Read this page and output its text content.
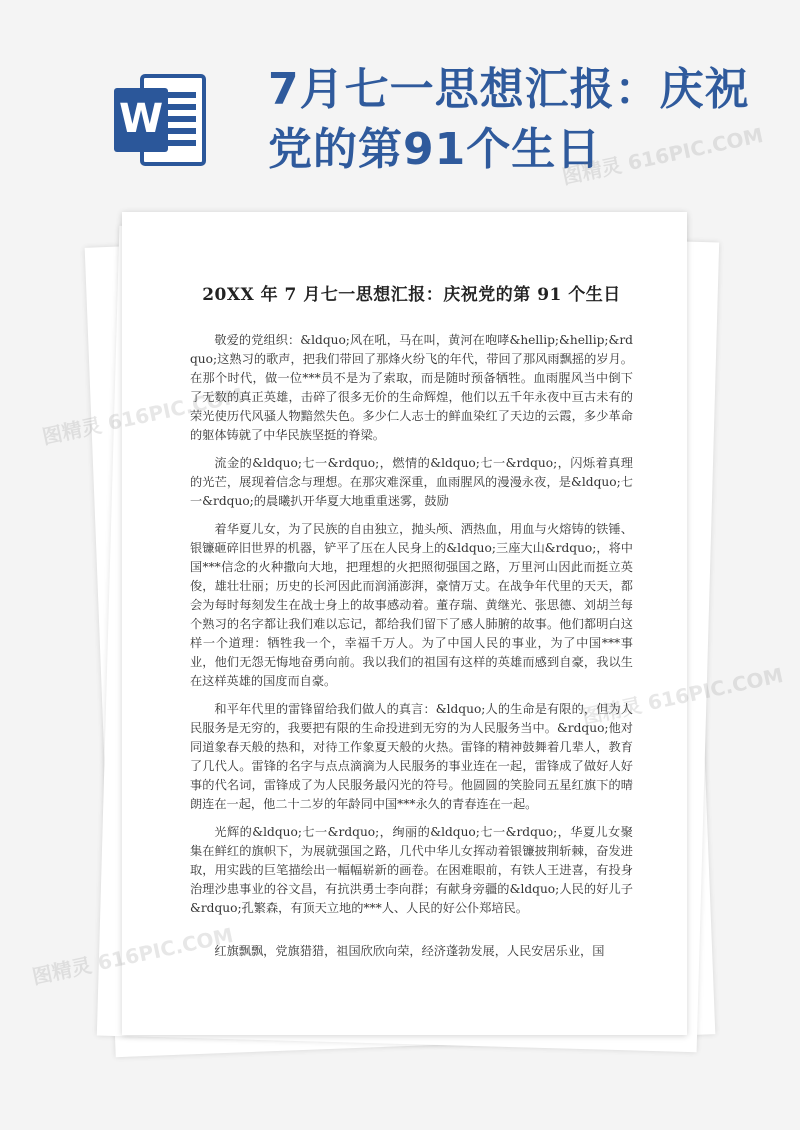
W
7月七一思想汇报：庆祝党的第91个生日
20XX 年 7 月七一思想汇报：庆祝党的第 91 个生日

敬爱的党组织：&ldquo;风在吼，马在叫，黄河在咆哮&hellip;&hellip;&rdquo;这熟习的歌声，把我们带回了那烽火纷飞的年代，带回了那风雨飘摇的岁月。在那个时代，做一位***员不是为了索取，而是随时预备牺牲。血雨腥风当中倒下了无数的真正英雄，击碎了很多无价的生命辉煌，他们以五千年永夜中亘古未有的荣光使历代风骚人物黯然失色。多少仁人志士的鲜血染红了天边的云霞，多少革命的躯体铸就了中华民族坚挺的脊梁。

流金的&ldquo;七一&rdquo;，燃情的&ldquo;七一&rdquo;，闪烁着真理的光芒，展现着信念与理想。在那灾难深重，血雨腥风的漫漫永夜，是&ldquo;七一&rdquo;的晨曦扒开华夏大地重重迷雾，鼓励

着华夏儿女，为了民族的自由独立，抛头颅、洒热血，用血与火熔铸的铁锤、银镰砸碎旧世界的机器，铲平了压在人民身上的&ldquo;三座大山&rdquo;，将中国***信念的火种撒向大地，把理想的火把照彻强国之路，万里河山因此而挺立英俊，雄壮壮丽；历史的长河因此而润涌澎湃，豪情万丈。在战争年代里的天天，都会为每时每刻发生在战士身上的故事感动着。董存瑞、黄继光、张思德、刘胡兰每个熟习的名字都让我们难以忘记，都给我们留下了感人肺腑的故事。他们都明白这样一个道理：牺牲我一个，幸福千万人。为了中国人民的事业，为了中国***事业，他们无怨无悔地奋勇向前。我以我们的祖国有这样的英雄而感到自豪，我以生在这样英雄的国度而自豪。

和平年代里的雷锋留给我们做人的真言：&ldquo;人的生命是有限的，但为人民服务是无穷的，我要把有限的生命投进到无穷的为人民服务当中。&rdquo;他对同道象春天般的热和，对待工作象夏天般的火热。雷锋的精神鼓舞着几辈人，教育了几代人。雷锋的名字与点点滴滴为人民服务的事业连在一起，雷锋成了做好人好事的代名词，雷锋成了为人民服务最闪光的符号。他圆圆的笑脸同五星红旗下的晴朗连在一起，他二十二岁的年龄同中国***永久的青春连在一起。

光辉的&ldquo;七一&rdquo;，绚丽的&ldquo;七一&rdquo;，华夏儿女聚集在鲜红的旗帜下，为展就强国之路，几代中华儿女挥动着银镰披荆斩棘，奋发进取，用实践的巨笔描绘出一幅幅崭新的画卷。在困难眼前，有铁人王进喜，有投身治理沙患事业的谷文昌，有抗洪勇士李向群；有献身旁疆的&ldquo;人民的好儿子&rdquo;孔繁森，有顶天立地的***人、人民的好公仆郑培民。

红旗飘飘，党旗猎猎，祖国欣欣向荣，经济蓬勃发展，人民安居乐业，国

图精灵 616PIC.COM
图精灵
616PIC.COM
图精灵
